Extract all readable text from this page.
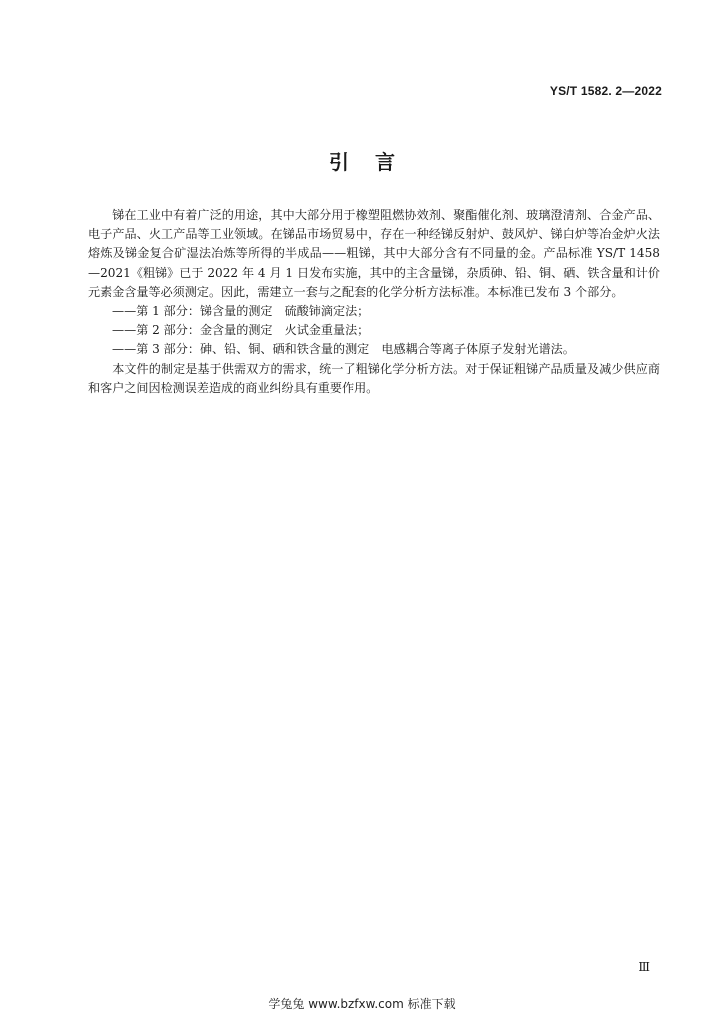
YS/T 1582. 2—2022
引言

锑在工业中有着广泛的用途，其中大部分用于橡塑阻燃协效剂、聚酯催化剂、玻璃澄清剂、合金产品、电子产品、火工产品等工业领域。在锑品市场贸易中，存在一种经锑反射炉、鼓风炉、锑白炉等冶金炉火法熔炼及锑金复合矿湿法冶炼等所得的半成品——粗锑，其中大部分含有不同量的金。产品标准 YS/T 1458—2021《粗锑》已于 2022 年 4 月 1 日发布实施，其中的主含量锑，杂质砷、铅、铜、硒、铁含量和计价元素金含量等必须测定。因此，需建立一套与之配套的化学分析方法标准。本标准已发布 3 个部分。

——第 1 部分：锑含量的测定　硫酸铈滴定法；

——第 2 部分：金含量的测定　火试金重量法；

——第 3 部分：砷、铅、铜、硒和铁含量的测定　电感耦合等离子体原子发射光谱法。

本文件的制定是基于供需双方的需求，统一了粗锑化学分析方法。对于保证粗锑产品质量及减少供应商和客户之间因检测误差造成的商业纠纷具有重要作用。

Ⅲ
学兔兔 www.bzfxw.com 标准下载
